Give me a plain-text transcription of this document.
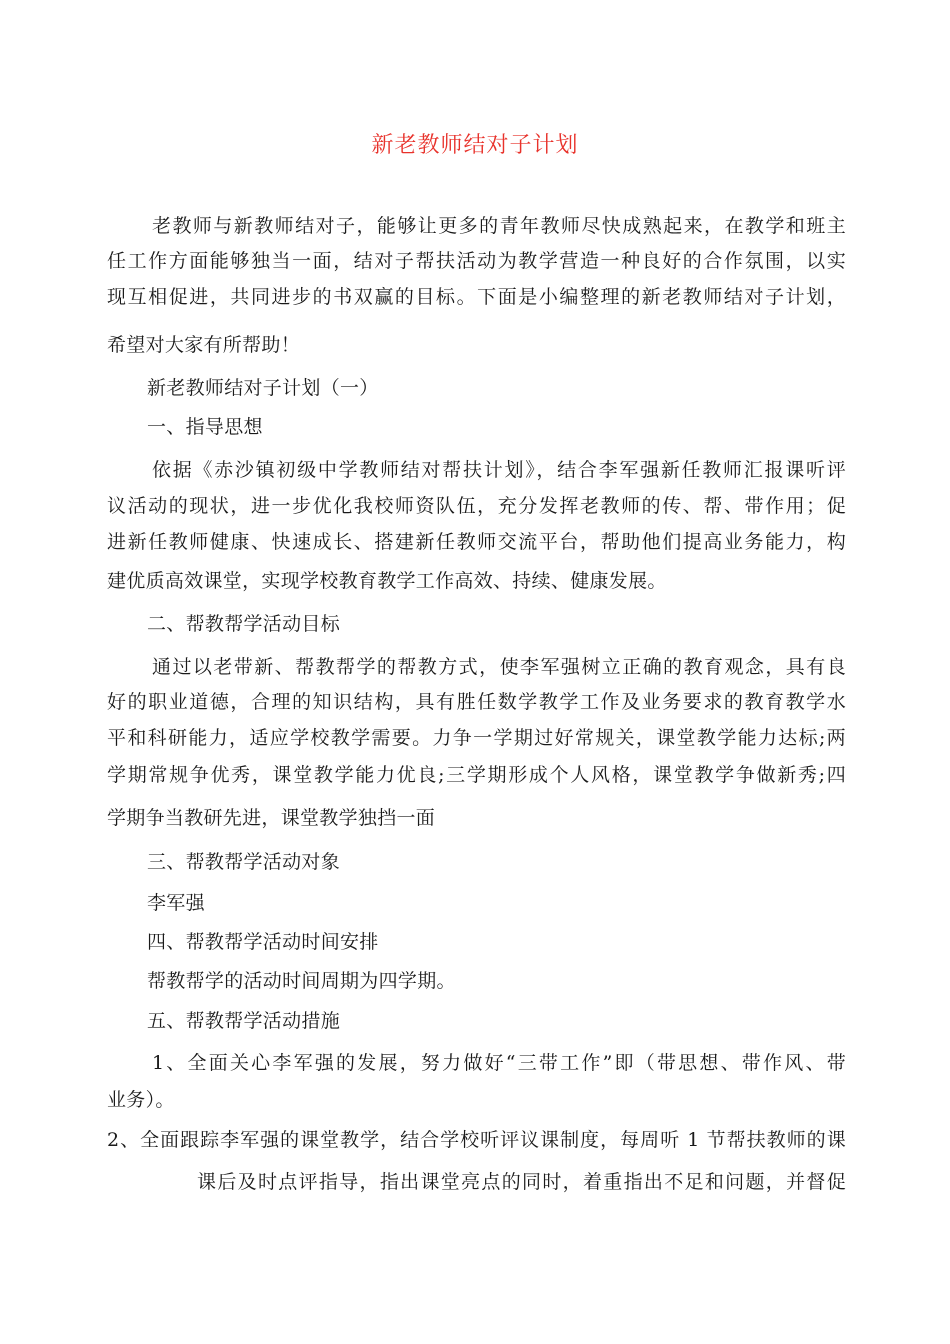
新老教师结对子计划
老教师与新教师结对子，能够让更多的青年教师尽快成熟起来，在教学和班主
任工作方面能够独当一面，结对子帮扶活动为教学营造一种良好的合作氛围，以实
现互相促进，共同进步的书双赢的目标。下面是小编整理的新老教师结对子计划，
希望对大家有所帮助！
新老教师结对子计划（一）
一、指导思想
依据《赤沙镇初级中学教师结对帮扶计划》，结合李军强新任教师汇报课听评
议活动的现状，进一步优化我校师资队伍，充分发挥老教师的传、帮、带作用；促
进新任教师健康、快速成长、搭建新任教师交流平台，帮助他们提高业务能力，构
建优质高效课堂，实现学校教育教学工作高效、持续、健康发展。
二、帮教帮学活动目标
通过以老带新、帮教帮学的帮教方式，使李军强树立正确的教育观念，具有良
好的职业道德，合理的知识结构，具有胜任数学教学工作及业务要求的教育教学水
平和科研能力，适应学校教学需要。力争一学期过好常规关，课堂教学能力达标;两
学期常规争优秀，课堂教学能力优良;三学期形成个人风格，课堂教学争做新秀;四
学期争当教研先进，课堂教学独挡一面
三、帮教帮学活动对象
李军强
四、帮教帮学活动时间安排
帮教帮学的活动时间周期为四学期。
五、帮教帮学活动措施
1、全面关心李军强的发展，努力做好“三带工作”即（带思想、带作风、带
业务）。
2、全面跟踪李军强的课堂教学，结合学校听评议课制度，每周听 1 节帮扶教师的课
课后及时点评指导，指出课堂亮点的同时，着重指出不足和问题，并督促
